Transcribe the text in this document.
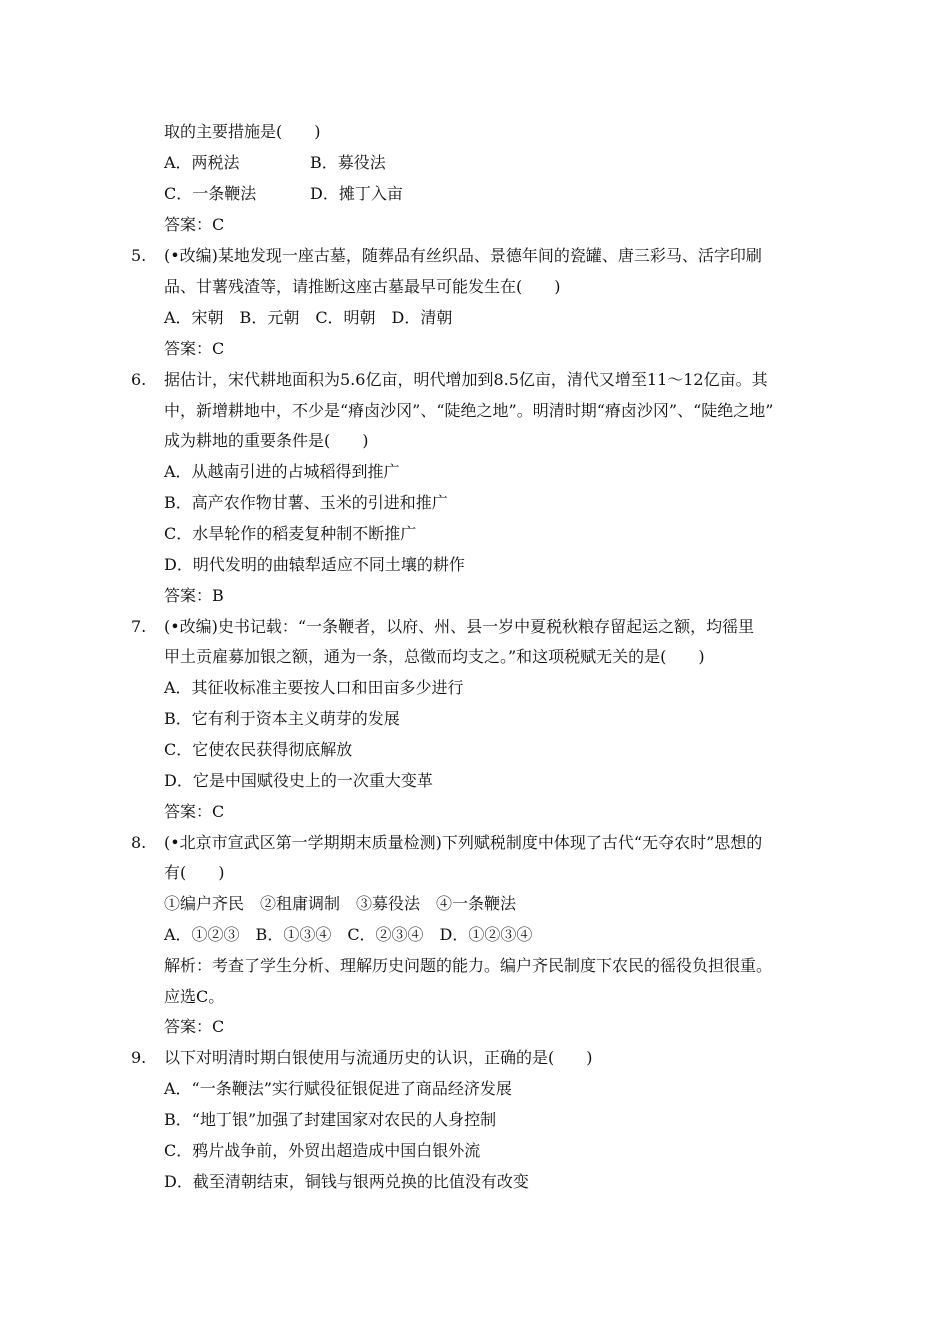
取的主要措施是(　　)
A．两税法	B．募役法
C．一条鞭法	D．摊丁入亩
答案：C
5. (•改编)某地发现一座古墓，随葬品有丝织品、景德年间的瓷罐、唐三彩马、活字印刷
品、甘薯残渣等，请推断这座古墓最早可能发生在(　　)
A．宋朝　B．元朝　C．明朝　D．清朝
答案：C
6. 据估计，宋代耕地面积为5.6亿亩，明代增加到8.5亿亩，清代又增至11～12亿亩。其
中，新增耕地中，不少是“瘠卤沙冈”、“陡绝之地”。明清时期“瘠卤沙冈”、“陡绝之地”
成为耕地的重要条件是(　　)
A．从越南引进的占城稻得到推广
B．高产农作物甘薯、玉米的引进和推广
C．水旱轮作的稻麦复种制不断推广
D．明代发明的曲辕犁适应不同土壤的耕作
答案：B
7. (•改编)史书记载：“一条鞭者，以府、州、县一岁中夏税秋粮存留起运之额，均徭里
甲土贡雇募加银之额，通为一条，总徵而均支之。”和这项税赋无关的是(　　)
A．其征收标准主要按人口和田亩多少进行
B．它有利于资本主义萌芽的发展
C．它使农民获得彻底解放
D．它是中国赋役史上的一次重大变革
答案：C
8. (•北京市宣武区第一学期期末质量检测)下列赋税制度中体现了古代“无夺农时”思想的
有(　　)
①编户齐民　②租庸调制　③募役法　④一条鞭法
A．①②③　B．①③④　C．②③④　D．①②③④
解析：考查了学生分析、理解历史问题的能力。编户齐民制度下农民的徭役负担很重。
应选C。
答案：C
9. 以下对明清时期白银使用与流通历史的认识，正确的是(　　)
A．“一条鞭法”实行赋役征银促进了商品经济发展
B．“地丁银”加强了封建国家对农民的人身控制
C．鸦片战争前，外贸出超造成中国白银外流
D．截至清朝结束，铜钱与银两兑换的比值没有改变
